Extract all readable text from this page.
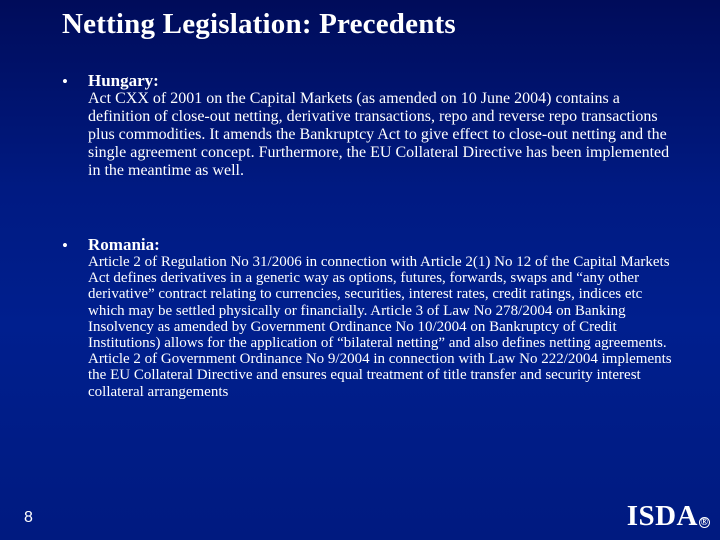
Netting Legislation: Precedents
• Hungary:
Act CXX of 2001 on the Capital Markets (as amended on 10 June 2004) contains a definition of close-out netting, derivative transactions, repo and reverse repo transactions plus commodities. It amends the Bankruptcy Act to give effect to close-out netting and the single agreement concept. Furthermore, the EU Collateral Directive has been implemented in the meantime as well.
• Romania:
Article 2 of Regulation No 31/2006 in connection with Article 2(1) No 12 of the Capital Markets Act defines derivatives in a generic way as options, futures, forwards, swaps and “any other derivative” contract relating to currencies, securities, interest rates, credit ratings, indices etc which may be settled physically or financially. Article 3 of Law No 278/2004 on Banking Insolvency as amended by Government Ordinance No 10/2004 on Bankruptcy of Credit Institutions) allows for the application of “bilateral netting” and also defines netting agreements. Article 2 of Government Ordinance No 9/2004 in connection with Law No 222/2004 implements the EU Collateral Directive and ensures equal treatment of title transfer and security interest collateral arrangements
8	ISDA ®
